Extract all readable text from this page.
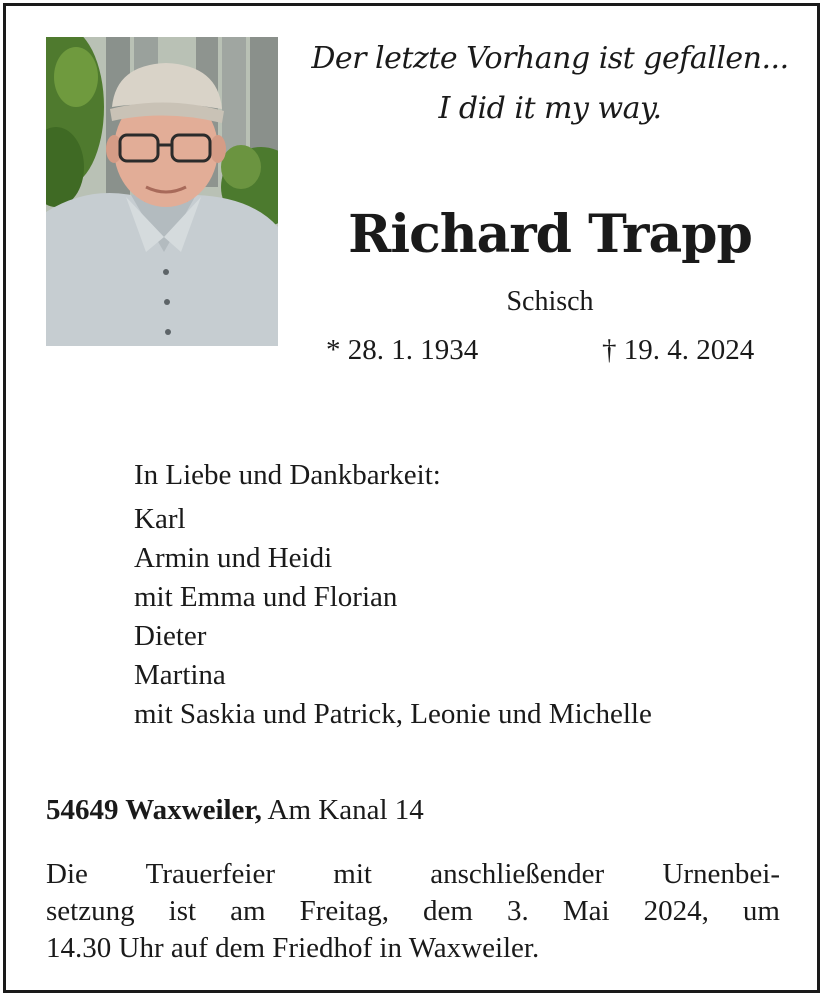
Der letzte Vorhang ist gefallen...
I did it my way.
Richard Trapp
Schisch
* 28. 1. 1934	† 19. 4. 2024
In Liebe und Dankbarkeit:
Karl
Armin und Heidi
mit Emma und Florian
Dieter
Martina
mit Saskia und Patrick, Leonie und Michelle
54649 Waxweiler, Am Kanal 14
Die Trauerfeier mit anschließender Urnenbei-
setzung ist am Freitag, dem 3. Mai 2024, um
14.30 Uhr auf dem Friedhof in Waxweiler.
